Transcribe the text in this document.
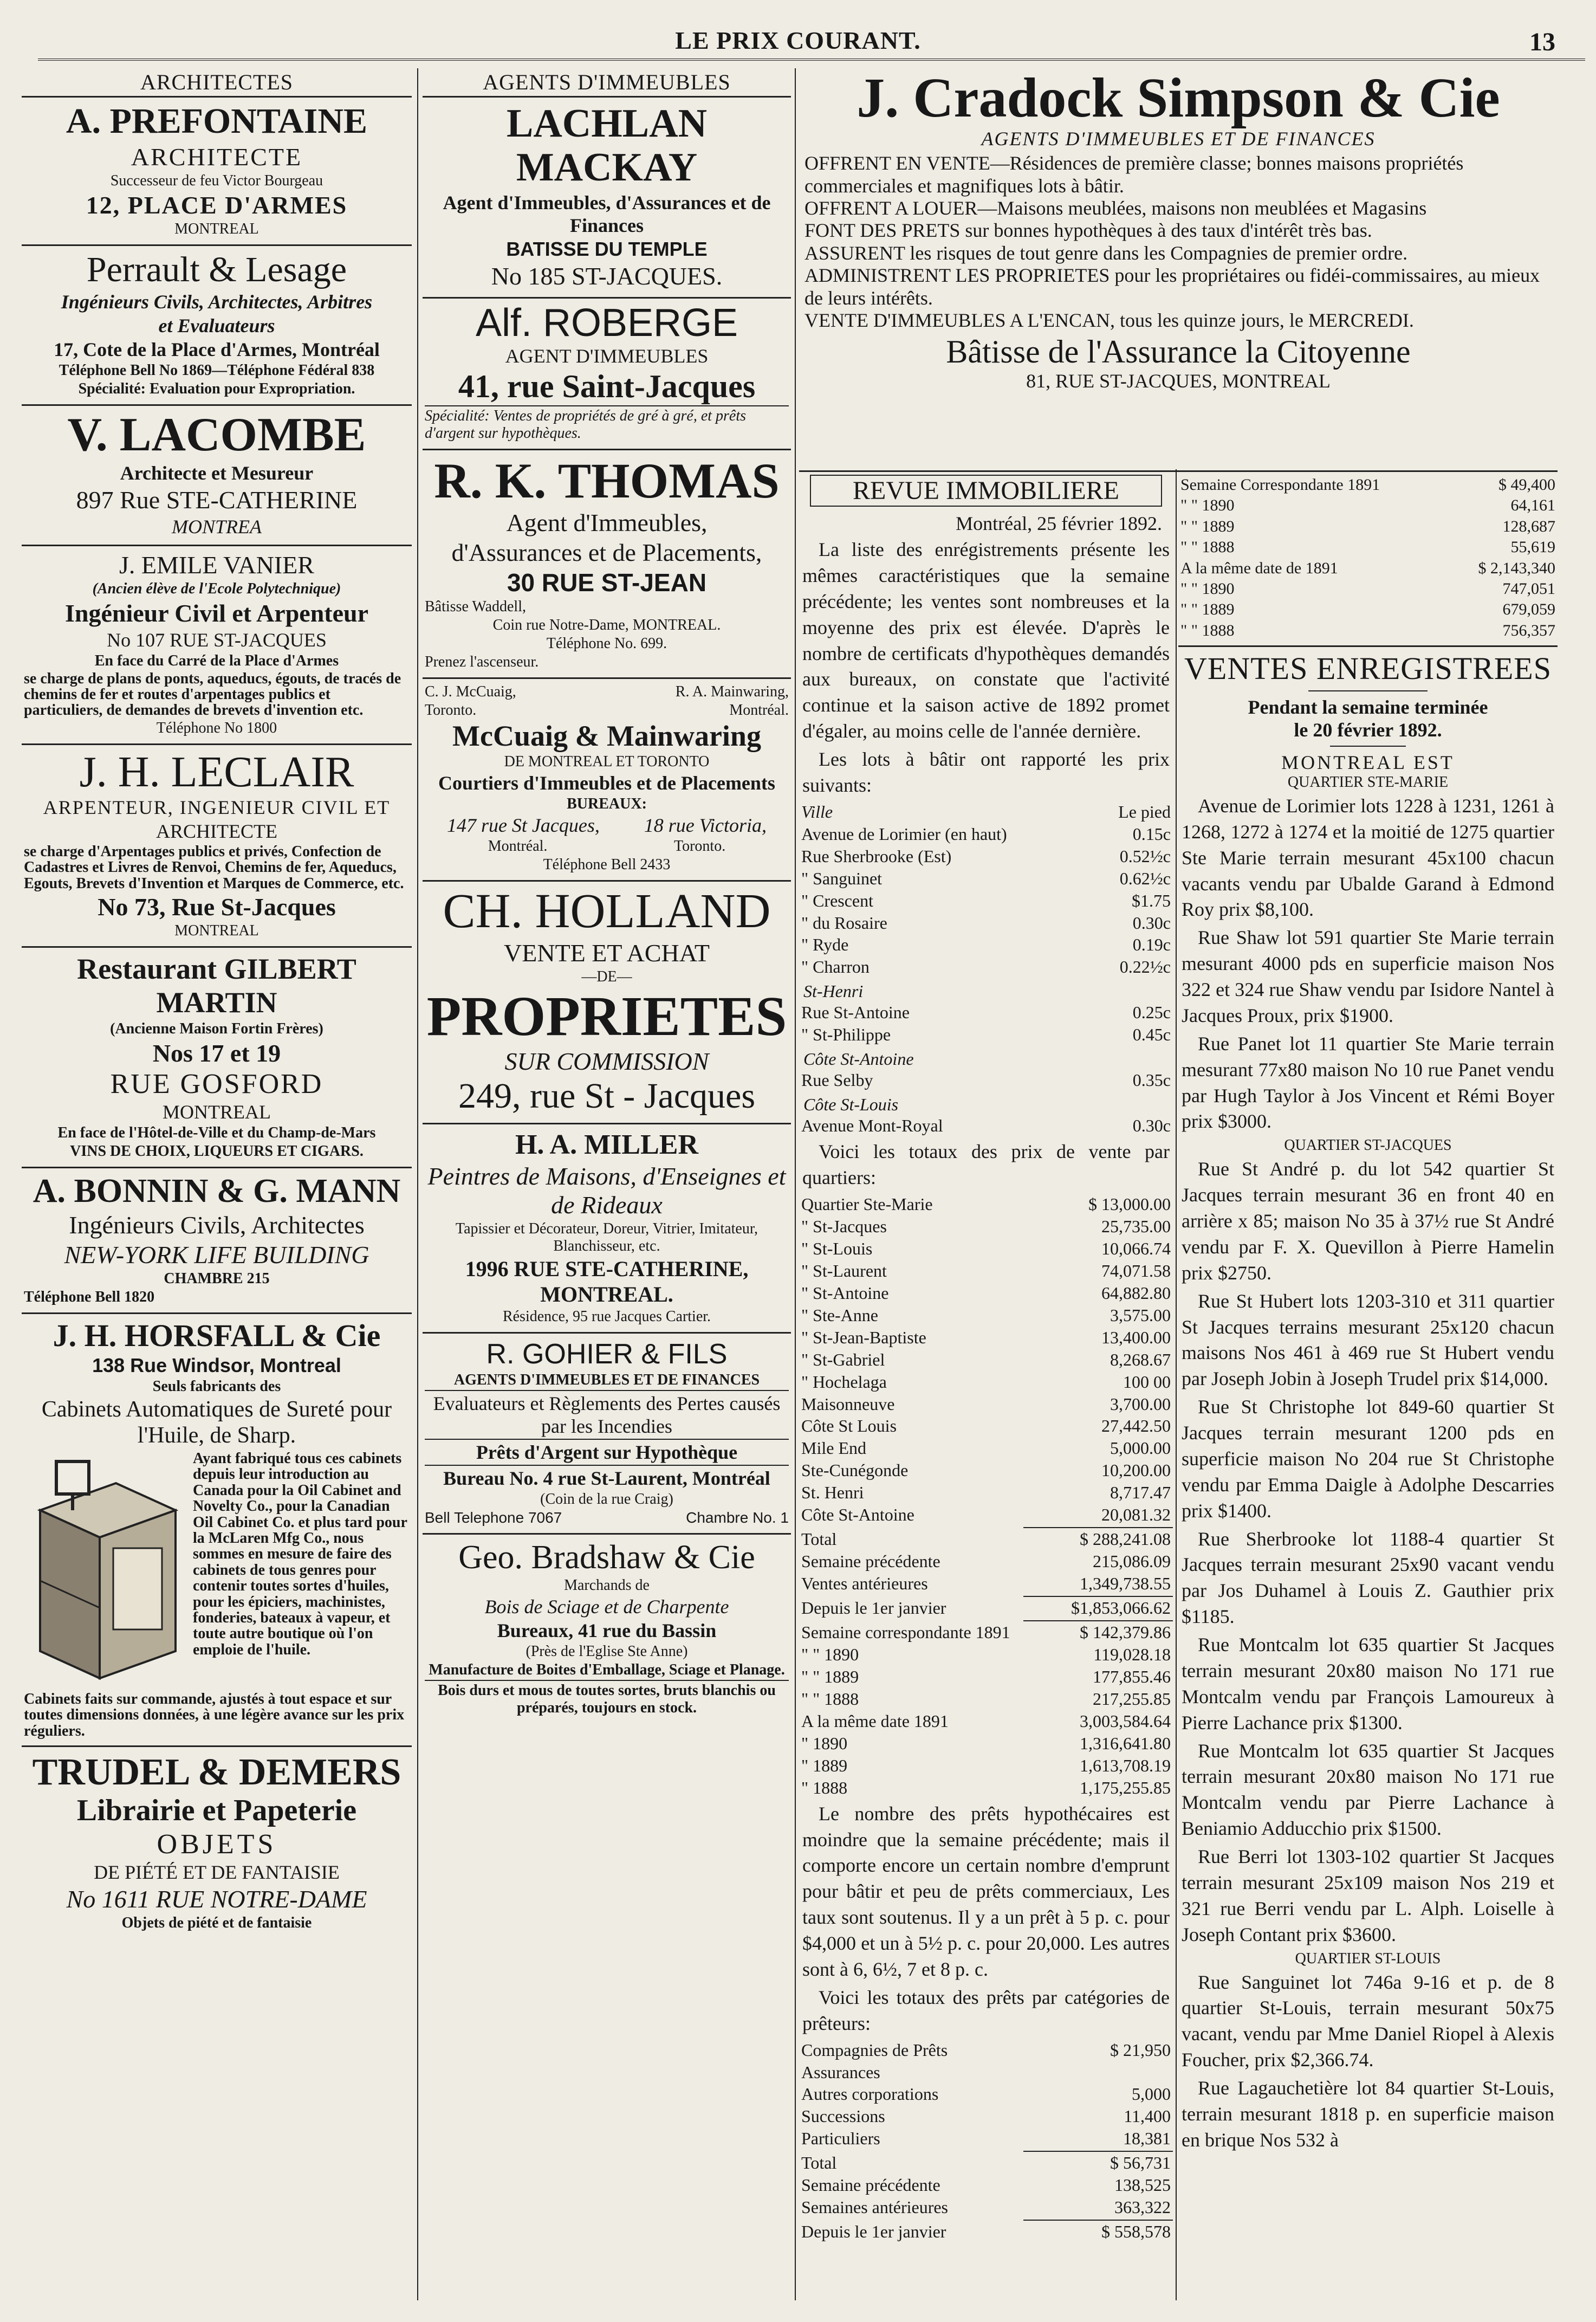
LE PRIX COURANT.	13
ARCHITECTES
A. PREFONTAINE
ARCHITECTE
Successeur de feu Victor Bourgeau
12, PLACE D'ARMES
MONTREAL
Perrault & Lesage
Ingénieurs Civils, Architectes, Arbitres
et Evaluateurs
17, Cote de la Place d'Armes, Montréal
Téléphone Bell No 1869—Téléphone Fédéral 838
Spécialité: Evaluation pour Expropriation.
V. LACOMBE
Architecte et Mesureur
897 Rue STE-CATHERINE
MONTREA
J. EMILE VANIER
(Ancien élève de l'Ecole Polytechnique)
Ingénieur Civil et Arpenteur
No 107 RUE ST-JACQUES
En face du Carré de la Place d'Armes
se charge de plans de ponts, aqueducs, égouts, de tracés de chemins de fer et routes d'arpentages publics et particuliers, de demandes de brevets d'invention etc.
Téléphone No 1800
J. H. LECLAIR
ARPENTEUR, INGENIEUR CIVIL ET
ARCHITECTE
se charge d'Arpentages publics et privés, Confection de Cadastres et Livres de Renvoi, Chemins de fer, Aqueducs, Egouts, Brevets d'Invention et Marques de Commerce, etc.
No 73, Rue St-Jacques
MONTREAL
Restaurant GILBERT MARTIN
(Ancienne Maison Fortin Frères)
Nos 17 et 19
RUE GOSFORD
MONTREAL
En face de l'Hôtel-de-Ville et du Champ-de-Mars
VINS DE CHOIX, LIQUEURS ET CIGARS.
A. BONNIN & G. MANN
Ingénieurs Civils, Architectes
NEW-YORK LIFE BUILDING
CHAMBRE 215
Téléphone Bell 1820
J. H. HORSFALL & Cie
138 Rue Windsor, Montreal
Seuls fabricants des
Cabinets Automatiques de Sureté pour l'Huile, de Sharp.
Ayant fabriqué tous ces cabinets depuis leur introduction au Canada pour la Oil Cabinet and Novelty Co., pour la Canadian Oil Cabinet Co. et plus tard pour la McLaren Mfg Co., nous sommes en mesure de faire des cabinets de tous genres pour contenir toutes sortes d'huiles, pour les épiciers, machinistes, fonderies, bateaux à vapeur, et toute autre boutique où l'on emploie de l'huile.
Cabinets faits sur commande, ajustés à tout espace et sur toutes dimensions données, à une légère avance sur les prix réguliers.
TRUDEL & DEMERS
Librairie et Papeterie
OBJETS
DE PIÉTÉ ET DE FANTAISIE
No 1611 RUE NOTRE-DAME
Objets de piété et de fantaisie
AGENTS D'IMMEUBLES
LACHLAN MACKAY
Agent d'Immeubles, d'Assurances et de Finances
BATISSE DU TEMPLE
No 185 ST-JACQUES.
Alf. ROBERGE
AGENT D'IMMEUBLES
41, rue Saint-Jacques
Spécialité: Ventes de propriétés de gré à gré, et prêts d'argent sur hypothèques.
R. K. THOMAS
Agent d'Immeubles,
d'Assurances et de Placements,
30 RUE ST-JEAN
Bâtisse Waddell,
Coin rue Notre-Dame, MONTREAL.
Téléphone No. 699.
Prenez l'ascenseur.
C. J. McCuaig,	R. A. Mainwaring,
Toronto.	Montréal.
McCuaig & Mainwaring
DE MONTREAL ET TORONTO
Courtiers d'Immeubles et de Placements
BUREAUX:
147 rue St Jacques, 18 rue Victoria,
Montréal.	Toronto.
Téléphone Bell 2433
CH. HOLLAND
VENTE ET ACHAT
—DE—
PROPRIETES
SUR COMMISSION
249, rue St - Jacques
H. A. MILLER
Peintres de Maisons, d'Enseignes et de Rideaux
Tapissier et Décorateur, Doreur, Vitrier, Imitateur, Blanchisseur, etc.
1996 RUE STE-CATHERINE, MONTREAL.
Résidence, 95 rue Jacques Cartier.
R. GOHIER & FILS
AGENTS D'IMMEUBLES ET DE FINANCES
Evaluateurs et Règlements des Pertes causés par les Incendies
Prêts d'Argent sur Hypothèque
Bureau No. 4 rue St-Laurent, Montréal
(Coin de la rue Craig)
Bell Telephone 7067	Chambre No. 1
Geo. Bradshaw & Cie
Marchands de
Bois de Sciage et de Charpente
Bureaux, 41 rue du Bassin
(Près de l'Eglise Ste Anne)
Manufacture de Boites d'Emballage, Sciage et Planage.
Bois durs et mous de toutes sortes, bruts blanchis ou préparés, toujours en stock.
J. Cradock Simpson & Cie
AGENTS D'IMMEUBLES ET DE FINANCES
OFFRENT EN VENTE—Résidences de première classe; bonnes maisons propriétés commerciales et magnifiques lots à bâtir.
OFFRENT A LOUER—Maisons meublées, maisons non meublées et Magasins
FONT DES PRETS sur bonnes hypothèques à des taux d'intérêt très bas.
ASSURENT les risques de tout genre dans les Compagnies de premier ordre.
ADMINISTRENT LES PROPRIETES pour les propriétaires ou fidéi-commissaires, au mieux de leurs intérêts.
VENTE D'IMMEUBLES A L'ENCAN, tous les quinze jours, le MERCREDI.
Bâtisse de l'Assurance la Citoyenne
81, RUE ST-JACQUES, MONTREAL
REVUE IMMOBILIERE
Montréal, 25 février 1892.
La liste des enrégistrements présente les mêmes caractéristiques que la semaine précédente; les ventes sont nombreuses et la moyenne des prix est élevée. D'après le nombre de certificats d'hypothèques demandés aux bureaux, on constate que l'activité continue et la saison active de 1892 promet d'égaler, au moins celle de l'année dernière.
Les lots à bâtir ont rapporté les prix suivants:
Ville	Le pied
Avenue de Lorimier (en haut)	0.15c
Rue Sherbrooke (Est)	0.52½c
" Sanguinet	0.62½c
" Crescent	$1.75
" du Rosaire	0.30c
" Ryde	0.19c
" Charron	0.22½c
St-Henri
Rue St-Antoine	0.25c
" St-Philippe	0.45c
Côte St-Antoine
Rue Selby	0.35c
Côte St-Louis
Avenue Mont-Royal	0.30c
Voici les totaux des prix de vente par quartiers:
Quartier Ste-Marie	$ 13,000.00
" St-Jacques	25,735.00
" St-Louis	10,066.74
" St-Laurent	74,071.58
" St-Antoine	64,882.80
" Ste-Anne	3,575.00
" St-Jean-Baptiste	13,400.00
" St-Gabriel	8,268.67
" Hochelaga	100 00
Maisonneuve	3,700.00
Côte St Louis	27,442.50
Mile End	5,000.00
Ste-Cunégonde	10,200.00
St. Henri	8,717.47
Côte St-Antoine	20,081.32
Total	$ 288,241.08
Semaine précédente	215,086.09
Ventes antérieures	1,349,738.55
Depuis le 1er janvier	$1,853,066.62
Semaine correspondante 1891	$ 142,379.86
" " 1890	119,028.18
" " 1889	177,855.46
" " 1888	217,255.85
A la même date 1891	3,003,584.64
" 1890	1,316,641.80
" 1889	1,613,708.19
" 1888	1,175,255.85
Le nombre des prêts hypothécaires est moindre que la semaine précédente; mais il comporte encore un certain nombre d'emprunt pour bâtir et peu de prêts commerciaux, Les taux sont soutenus. Il y a un prêt à 5 p. c. pour $4,000 et un à 5½ p. c. pour 20,000. Les autres sont à 6, 6½, 7 et 8 p. c.
Voici les totaux des prêts par catégories de prêteurs:
Compagnies de Prêts	$ 21,950
Assurances	
Autres corporations	5,000
Successions	11,400
Particuliers	18,381
Total	$ 56,731
Semaine précédente	138,525
Semaines antérieures	363,322
Depuis le 1er janvier	$ 558,578
Semaine Correspondante 1891	$ 49,400
" " 1890	64,161
" " 1889	128,687
" " 1888	55,619
A la même date de 1891	$ 2,143,340
" " 1890	747,051
" " 1889	679,059
" " 1888	756,357
VENTES ENREGISTREES
Pendant la semaine terminée
le 20 février 1892.
MONTREAL EST
QUARTIER STE-MARIE
Avenue de Lorimier lots 1228 à 1231, 1261 à 1268, 1272 à 1274 et la moitié de 1275 quartier Ste Marie terrain mesurant 45x100 chacun vacants vendu par Ubalde Garand à Edmond Roy prix $8,100.
Rue Shaw lot 591 quartier Ste Marie terrain mesurant 4000 pds en superficie maison Nos 322 et 324 rue Shaw vendu par Isidore Nantel à Jacques Proux, prix $1900.
Rue Panet lot 11 quartier Ste Marie terrain mesurant 77x80 maison No 10 rue Panet vendu par Hugh Taylor à Jos Vincent et Rémi Boyer prix $3000.
QUARTIER ST-JACQUES
Rue St André p. du lot 542 quartier St Jacques terrain mesurant 36 en front 40 en arrière x 85; maison No 35 à 37½ rue St André vendu par F. X. Quevillon à Pierre Hamelin prix $2750.
Rue St Hubert lots 1203-310 et 311 quartier St Jacques terrains mesurant 25x120 chacun maisons Nos 461 à 469 rue St Hubert vendu par Joseph Jobin à Joseph Trudel prix $14,000.
Rue St Christophe lot 849-60 quartier St Jacques terrain mesurant 1200 pds en superficie maison No 204 rue St Christophe vendu par Emma Daigle à Adolphe Descarries prix $1400.
Rue Sherbrooke lot 1188-4 quartier St Jacques terrain mesurant 25x90 vacant vendu par Jos Duhamel à Louis Z. Gauthier prix $1185.
Rue Montcalm lot 635 quartier St Jacques terrain mesurant 20x80 maison No 171 rue Montcalm vendu par François Lamoureux à Pierre Lachance prix $1300.
Rue Montcalm lot 635 quartier St Jacques terrain mesurant 20x80 maison No 171 rue Montcalm vendu par Pierre Lachance à Beniamio Adducchio prix $1500.
Rue Berri lot 1303-102 quartier St Jacques terrain mesurant 25x109 maison Nos 219 et 321 rue Berri vendu par L. Alph. Loiselle à Joseph Contant prix $3600.
QUARTIER ST-LOUIS
Rue Sanguinet lot 746a 9-16 et p. de 8 quartier St-Louis, terrain mesurant 50x75 vacant, vendu par Mme Daniel Riopel à Alexis Foucher, prix $2,366.74.
Rue Lagauchetière lot 84 quartier St-Louis, terrain mesurant 1818 p. en superficie maison en brique Nos 532 à
